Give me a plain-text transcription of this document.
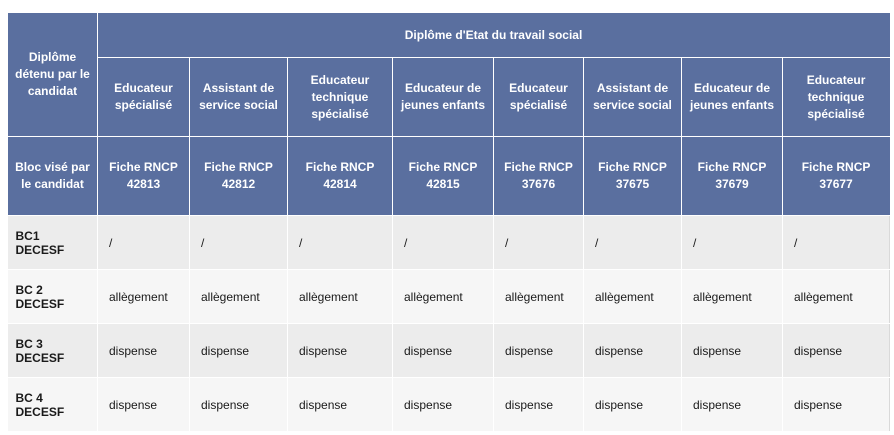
Diplôme détenu par le candidat	Diplôme d'Etat du travail social							
	Educateur spécialisé	Assistant de service social	Educateur technique spécialisé	Educateur de jeunes enfants	Educateur spécialisé	Assistant de service social	Educateur de jeunes enfants	Educateur technique spécialisé
Bloc visé par le candidat	Fiche RNCP 42813	Fiche RNCP 42812	Fiche RNCP 42814	Fiche RNCP 42815	Fiche RNCP 37676	Fiche RNCP 37675	Fiche RNCP 37679	Fiche RNCP 37677
BC1 DECESF	/	/	/	/	/	/	/	/
BC 2 DECESF	allègement	allègement	allègement	allègement	allègement	allègement	allègement	allègement
BC 3 DECESF	dispense	dispense	dispense	dispense	dispense	dispense	dispense	dispense
BC 4 DECESF	dispense	dispense	dispense	dispense	dispense	dispense	dispense	dispense
